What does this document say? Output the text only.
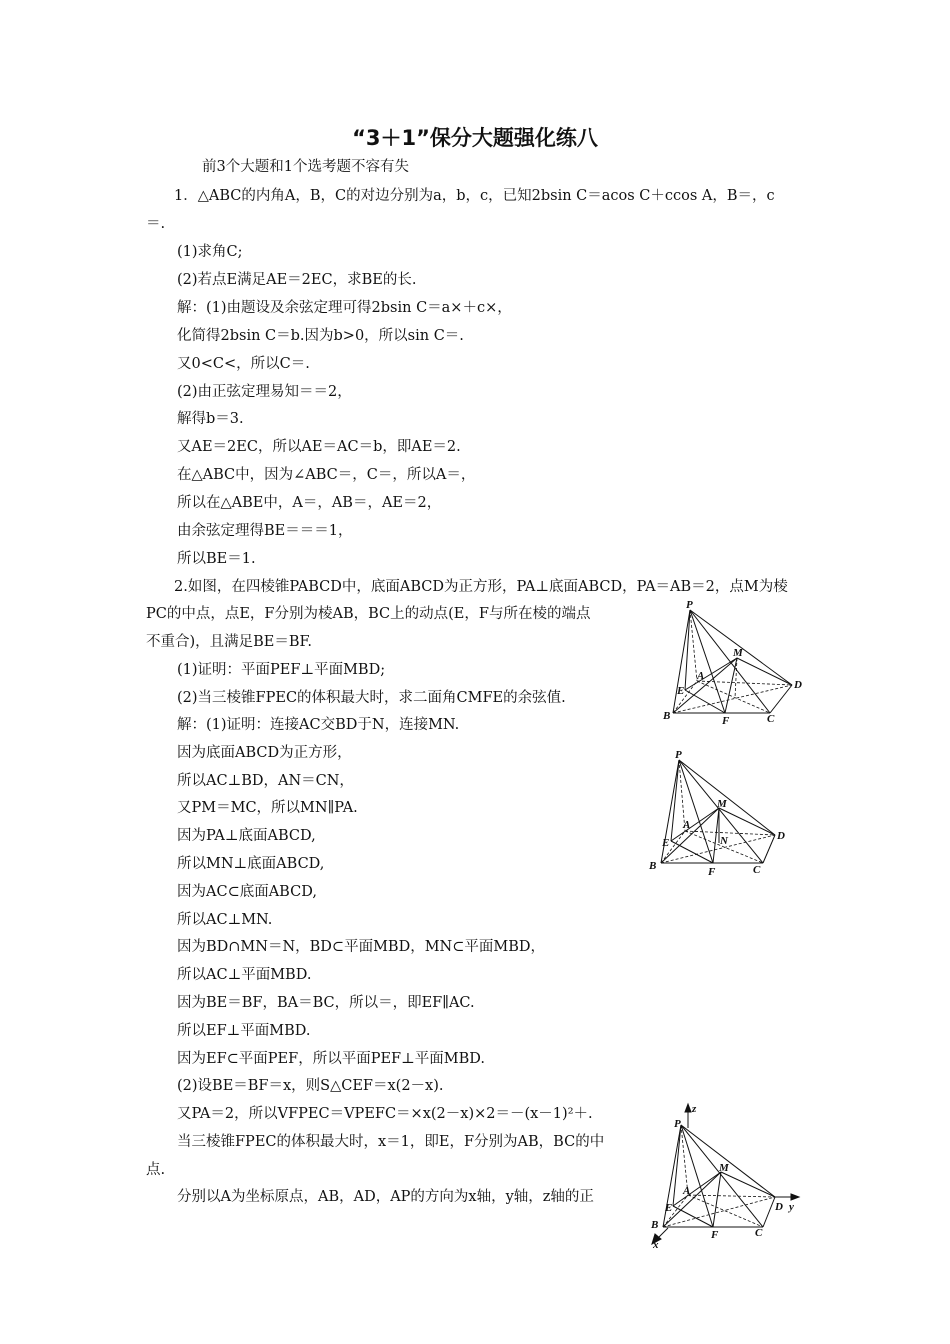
“3＋1”保分大题强化练八
前3个大题和1个选考题不容有失
1．△ABC的内角A，B，C的对边分别为a，b，c，已知2bsin C＝acos C＋ccos A，B＝，c
＝.
(1)求角C;
(2)若点E满足AE＝2EC，求BE的长.
解：(1)由题设及余弦定理可得2bsin C＝a×＋c×，
化简得2bsin C＝b.因为b>0，所以sin C＝.
又0<C<，所以C＝.
(2)由正弦定理易知＝＝2，
解得b＝3.
又AE＝2EC，所以AE＝AC＝b，即AE＝2.
在△ABC中，因为∠ABC＝，C＝，所以A＝，
所以在△ABE中，A＝，AB＝，AE＝2，
由余弦定理得BE＝＝＝1，
所以BE＝1.
2.如图，在四棱锥PABCD中，底面ABCD为正方形，PA⊥底面ABCD，PA＝AB＝2，点M为棱
PC的中点，点E，F分别为棱AB，BC上的动点(E，F与所在棱的端点
不重合)，且满足BE＝BF.
(1)证明：平面PEF⊥平面MBD;
(2)当三棱锥FPEC的体积最大时，求二面角CMFE的余弦值.
解：(1)证明：连接AC交BD于N，连接MN.
因为底面ABCD为正方形，
所以AC⊥BD，AN＝CN，
又PM＝MC，所以MN∥PA.
因为PA⊥底面ABCD,
所以MN⊥底面ABCD,
因为AC⊂底面ABCD,
所以AC⊥MN.
因为BD∩MN＝N，BD⊂平面MBD，MN⊂平面MBD，
所以AC⊥平面MBD.
因为BE＝BF，BA＝BC，所以＝，即EF∥AC.
所以EF⊥平面MBD.
因为EF⊂平面PEF，所以平面PEF⊥平面MBD.
(2)设BE＝BF＝x，则S△CEF＝x(2－x).
又PA＝2，所以VFPEC＝VPEFC＝×x(2－x)×2＝－(x－1)²＋.
当三棱锥FPEC的体积最大时，x＝1，即E，F分别为AB，BC的中
点.
分别以A为坐标原点，AB，AD，AP的方向为x轴，y轴，z轴的正
P
M
A
E	D
B	F	C
P
M
A
N
E
D
B	F	C
z
P
M
A
E	D y
B
F	C
x
